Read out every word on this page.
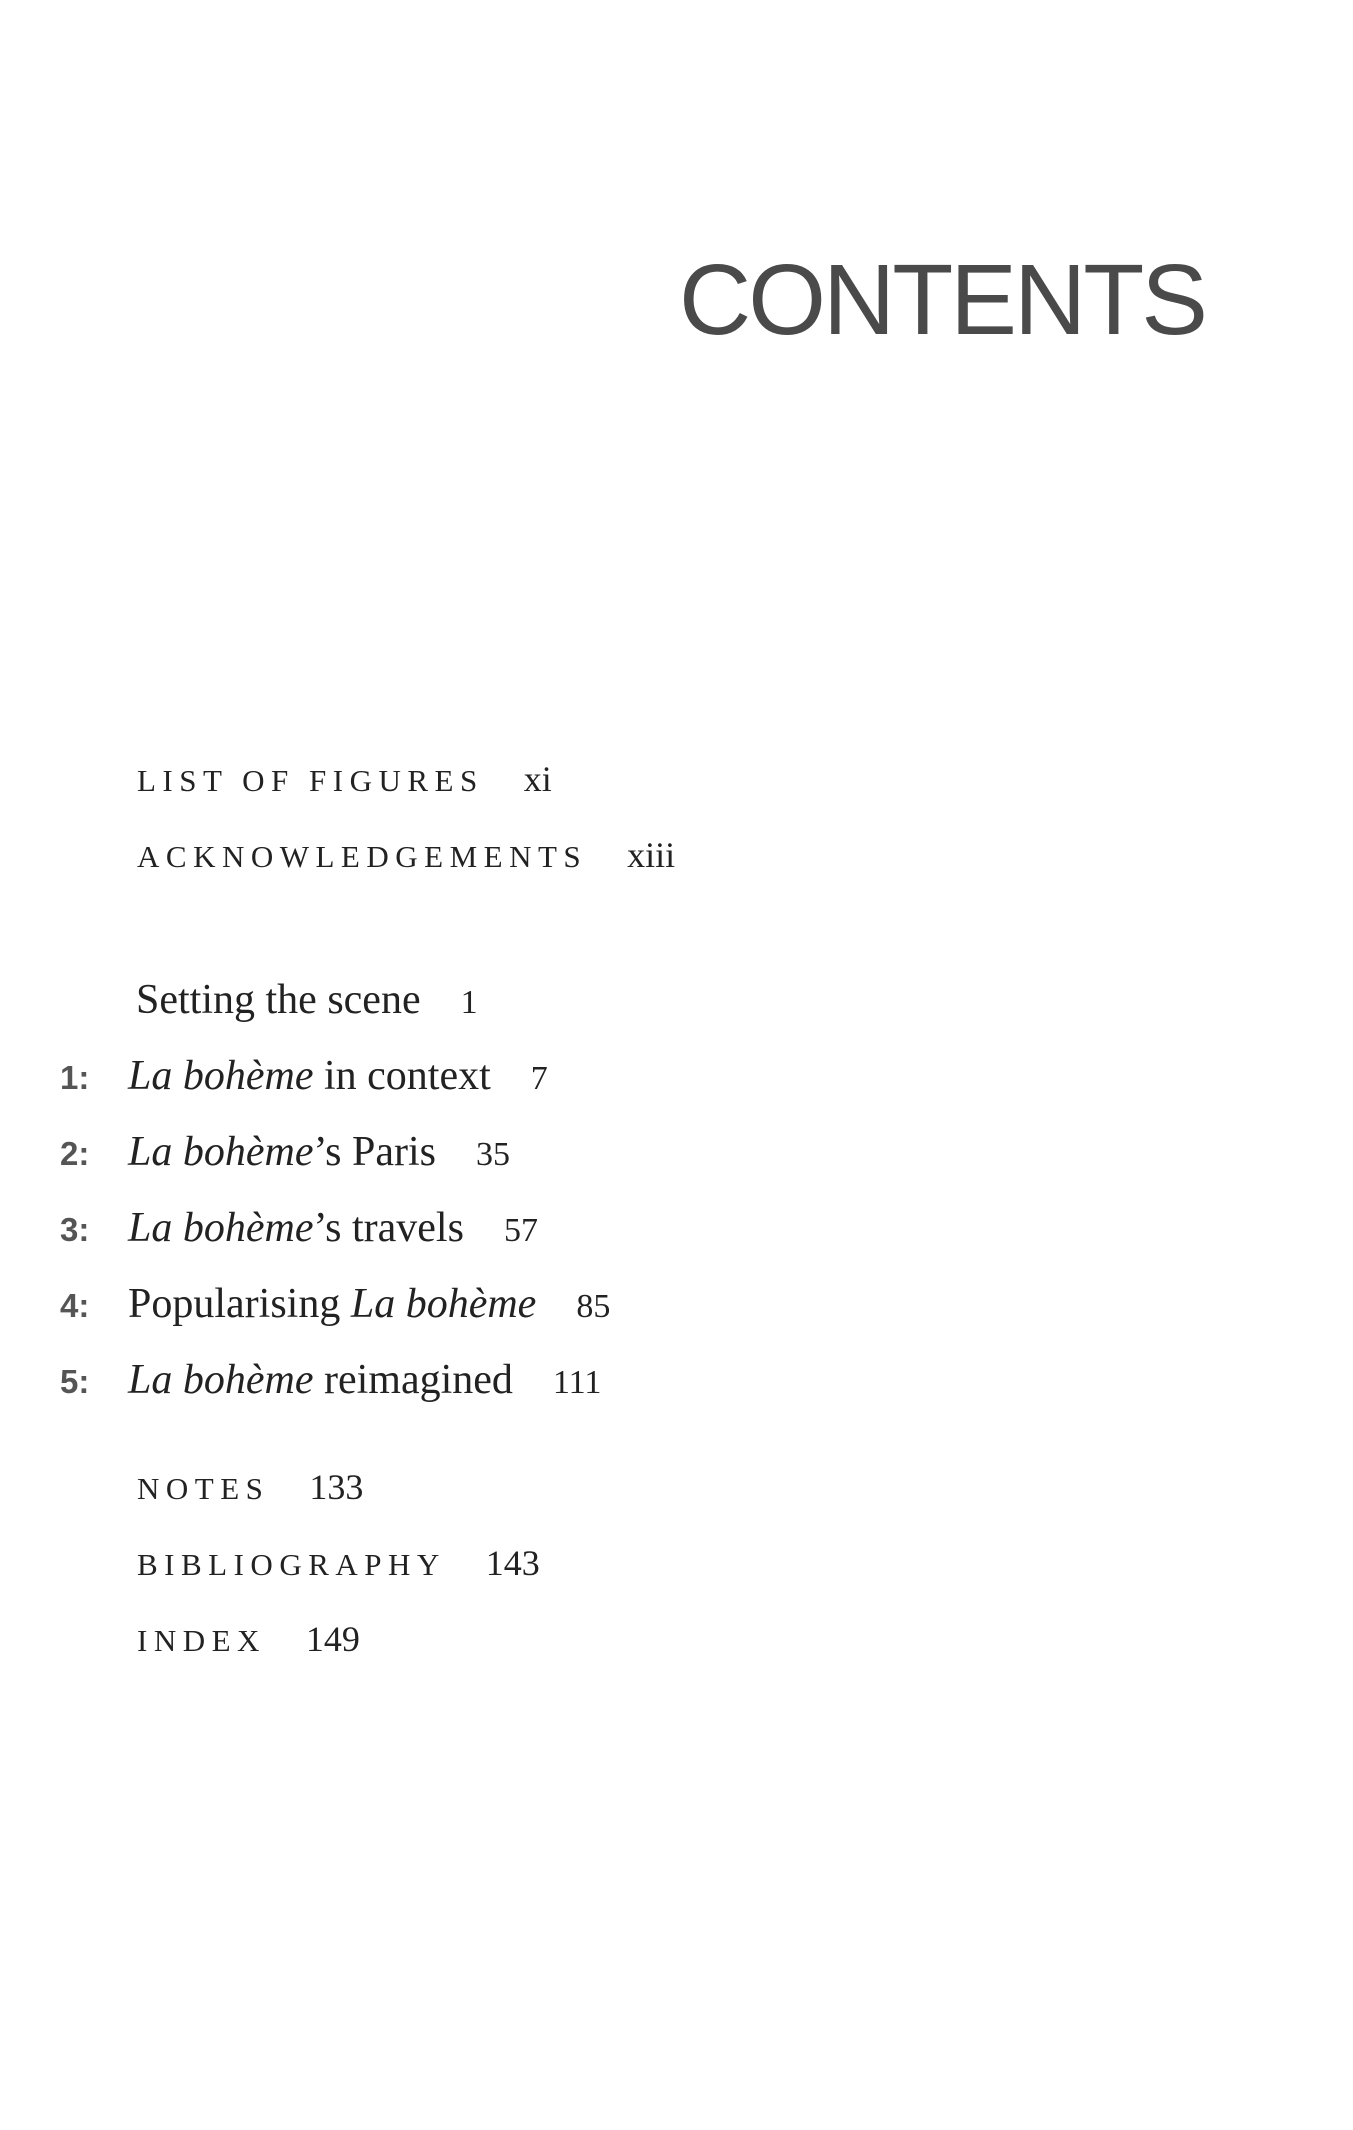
CONTENTS
LIST OF FIGURES xi
ACKNOWLEDGEMENTS xiii
Setting the scene 1
1: La bohème in context 7
2: La bohème’s Paris 35
3: La bohème’s travels 57
4: Popularising La bohème 85
5: La bohème reimagined 111
NOTES 133
BIBLIOGRAPHY 143
INDEX 149
